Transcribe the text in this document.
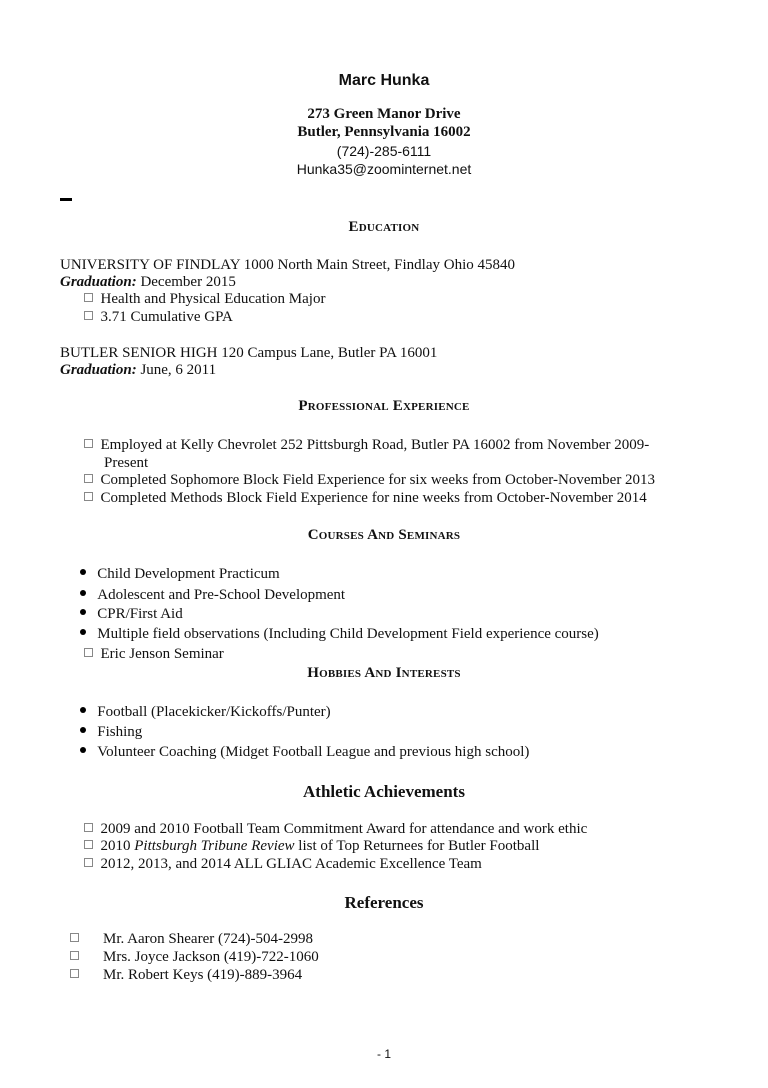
Marc Hunka
273 Green Manor Drive
Butler, Pennsylvania 16002
(724)-285-6111
Hunka35@zoominternet.net
Education
UNIVERSITY OF FINDLAY 1000 North Main Street, Findlay Ohio 45840
Graduation: December 2015
Health and Physical Education Major
3.71 Cumulative GPA
BUTLER SENIOR HIGH 120 Campus Lane, Butler PA 16001
Graduation: June, 6 2011
Professional Experience
Employed at Kelly Chevrolet 252 Pittsburgh Road, Butler PA 16002 from November 2009-
Present
Completed Sophomore Block Field Experience for six weeks from October-November 2013
Completed Methods Block Field Experience for nine weeks from October-November 2014
Courses And Seminars
Child Development Practicum
Adolescent and Pre-School Development
CPR/First Aid
Multiple field observations (Including Child Development Field experience course)
Eric Jenson Seminar
Hobbies And Interests
Football (Placekicker/Kickoffs/Punter)
Fishing
Volunteer Coaching (Midget Football League and previous high school)
Athletic Achievements
2009 and 2010 Football Team Commitment Award for attendance and work ethic
2010 Pittsburgh Tribune Review list of Top Returnees for Butler Football
2012, 2013, and 2014 ALL GLIAC Academic Excellence Team
References
Mr. Aaron Shearer (724)-504-2998
Mrs. Joyce Jackson (419)-722-1060
Mr. Robert Keys (419)-889-3964
- 1
